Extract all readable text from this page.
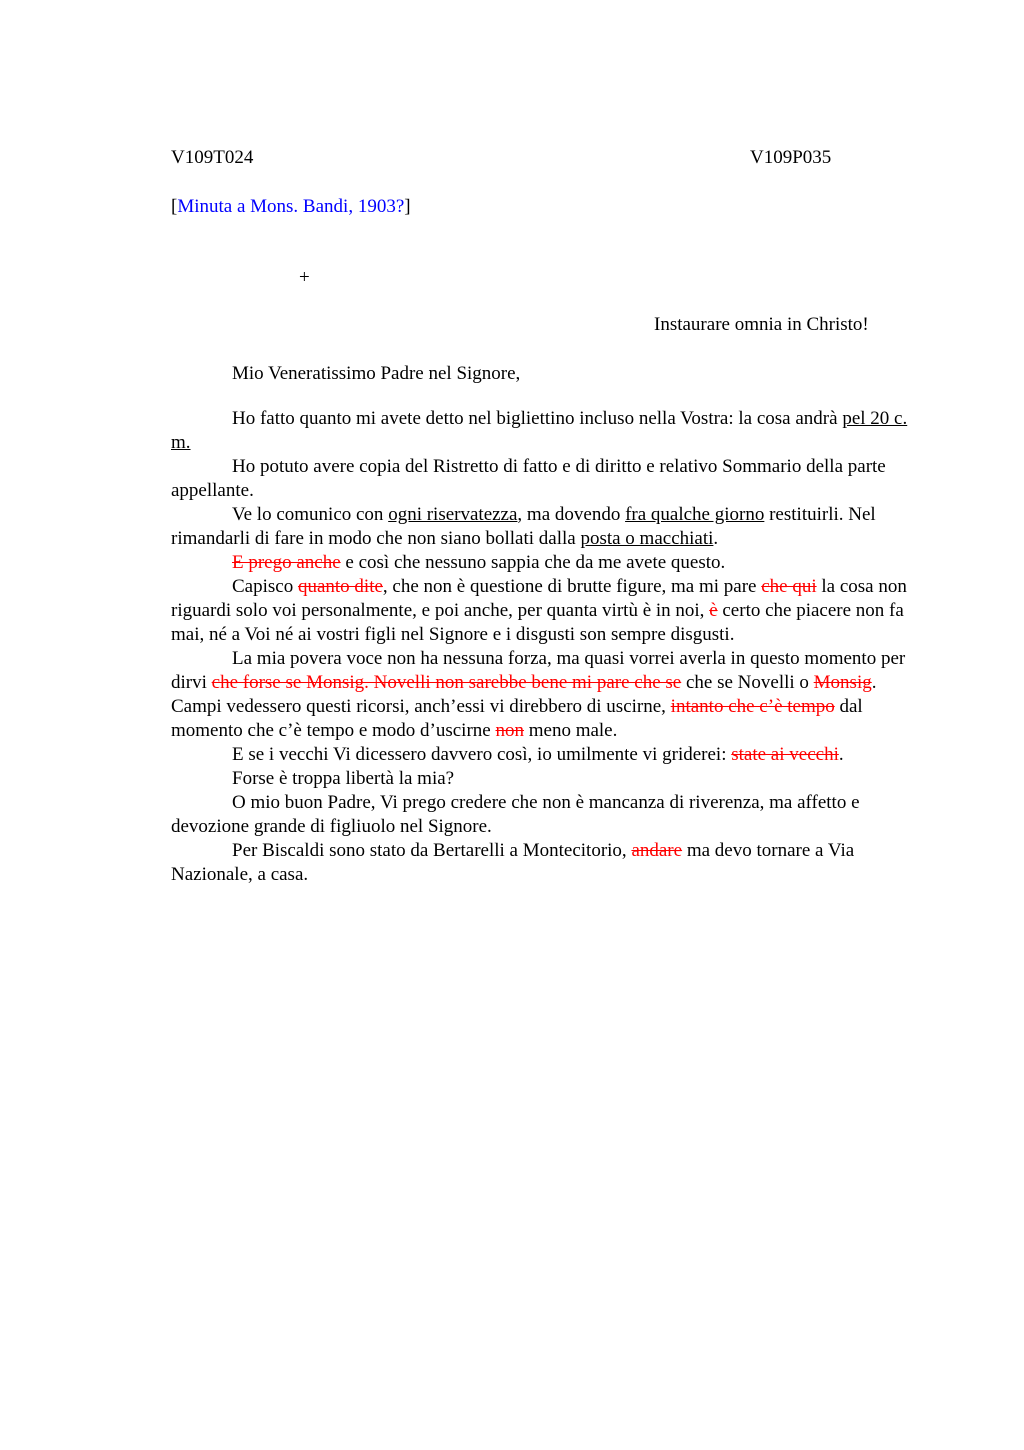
V109T024	V109P035
[Minuta a Mons. Bandi, 1903?]
+
Instaurare omnia in Christo!
Mio Veneratissimo Padre nel Signore,

Ho fatto quanto mi avete detto nel bigliettino incluso nella Vostra: la cosa andrà pel 20 c. m.

Ho potuto avere copia del Ristretto di fatto e di diritto e relativo Sommario della parte appellante.

Ve lo comunico con ogni riservatezza, ma dovendo fra qualche giorno restituirli. Nel rimandarli di fare in modo che non siano bollati dalla posta o macchiati.

E prego anche e così che nessuno sappia che da me avete questo.

Capisco quanto dite, che non è questione di brutte figure, ma mi pare che qui la cosa non riguardi solo voi personalmente, e poi anche, per quanta virtù è in noi, è certo che piacere non fa mai, né a Voi né ai vostri figli nel Signore e i disgusti son sempre disgusti.

La mia povera voce non ha nessuna forza, ma quasi vorrei averla in questo momento per dirvi che forse se Monsig. Novelli non sarebbe bene mi pare che se che se Novelli o Monsig. Campi vedessero questi ricorsi, anch’essi vi direbbero di uscirne, intanto che c’è tempo dal momento che c’è tempo e modo d’uscirne non meno male.

E se i vecchi Vi dicessero davvero così, io umilmente vi griderei: state ai vecchi.

Forse è troppa libertà la mia?

O mio buon Padre, Vi prego credere che non è mancanza di riverenza, ma affetto e devozione grande di figliuolo nel Signore.

Per Biscaldi sono stato da Bertarelli a Montecitorio, andare ma devo tornare a Via Nazionale, a casa.
